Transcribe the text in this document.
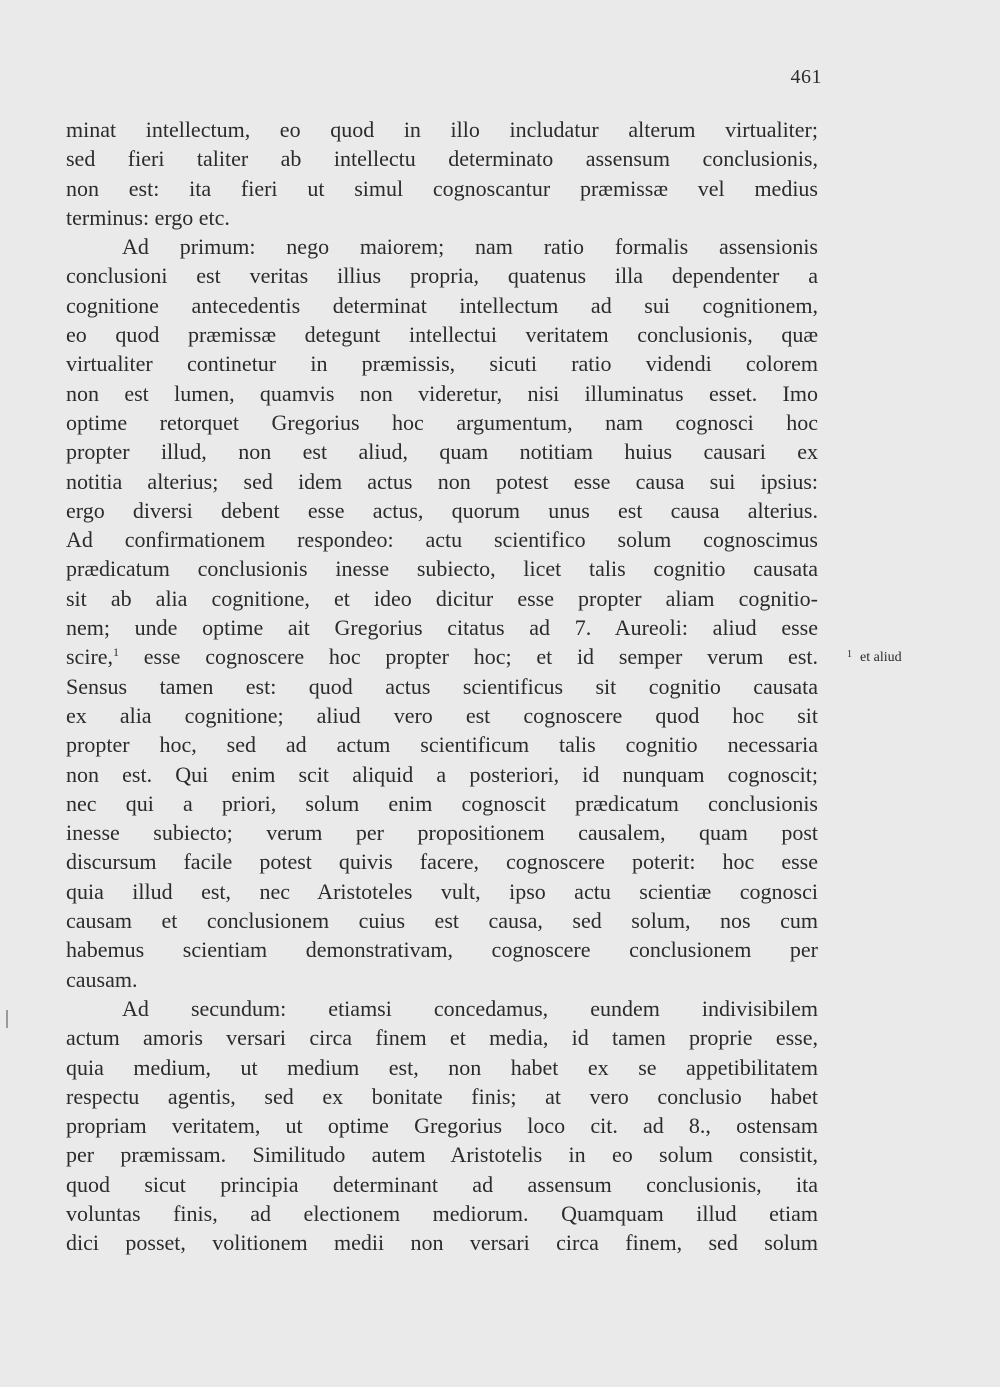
461
minat intellectum, eo quod in illo includatur alterum virtualiter;
sed fieri taliter ab intellectu determinato assensum conclusionis,
non est: ita fieri ut simul cognoscantur præmissæ vel medius
terminus: ergo etc.
Ad primum: nego maiorem; nam ratio formalis assensionis
conclusioni est veritas illius propria, quatenus illa dependenter a
cognitione antecedentis determinat intellectum ad sui cognitionem,
eo quod præmissæ detegunt intellectui veritatem conclusionis, quæ
virtualiter continetur in præmissis, sicuti ratio videndi colorem
non est lumen, quamvis non videretur, nisi illuminatus esset. Imo
optime retorquet Gregorius hoc argumentum, nam cognosci hoc
propter illud, non est aliud, quam notitiam huius causari ex
notitia alterius; sed idem actus non potest esse causa sui ipsius:
ergo diversi debent esse actus, quorum unus est causa alterius.
Ad confirmationem respondeo: actu scientifico solum cognoscimus
prædicatum conclusionis inesse subiecto, licet talis cognitio causata
sit ab alia cognitione, et ideo dicitur esse propter aliam cognitio-
nem; unde optime ait Gregorius citatus ad 7. Aureoli: aliud esse
scire,$^1$ esse cognoscere hoc propter hoc; et id semper verum est.
Sensus tamen est: quod actus scientificus sit cognitio causata
ex alia cognitione; aliud vero est cognoscere quod hoc sit
propter hoc, sed ad actum scientificum talis cognitio necessaria
non est. Qui enim scit aliquid a posteriori, id nunquam cognoscit;
nec qui a priori, solum enim cognoscit prædicatum conclusionis
inesse subiecto; verum per propositionem causalem, quam post
discursum facile potest quivis facere, cognoscere poterit: hoc esse
quia illud est, nec Aristoteles vult, ipso actu scientiæ cognosci
causam et conclusionem cuius est causa, sed solum, nos cum
habemus scientiam demonstrativam, cognoscere conclusionem per
causam.
Ad secundum: etiamsi concedamus, eundem indivisibilem
actum amoris versari circa finem et media, id tamen proprie esse,
quia medium, ut medium est, non habet ex se appetibilitatem
respectu agentis, sed ex bonitate finis; at vero conclusio habet
propriam veritatem, ut optime Gregorius loco cit. ad 8., ostensam
per præmissam. Similitudo autem Aristotelis in eo solum consistit,
quod sicut principia determinant ad assensum conclusionis, ita
voluntas finis, ad electionem mediorum. Quamquam illud etiam
dici posset, volitionem medii non versari circa finem, sed solum
$^1$ et aliud
